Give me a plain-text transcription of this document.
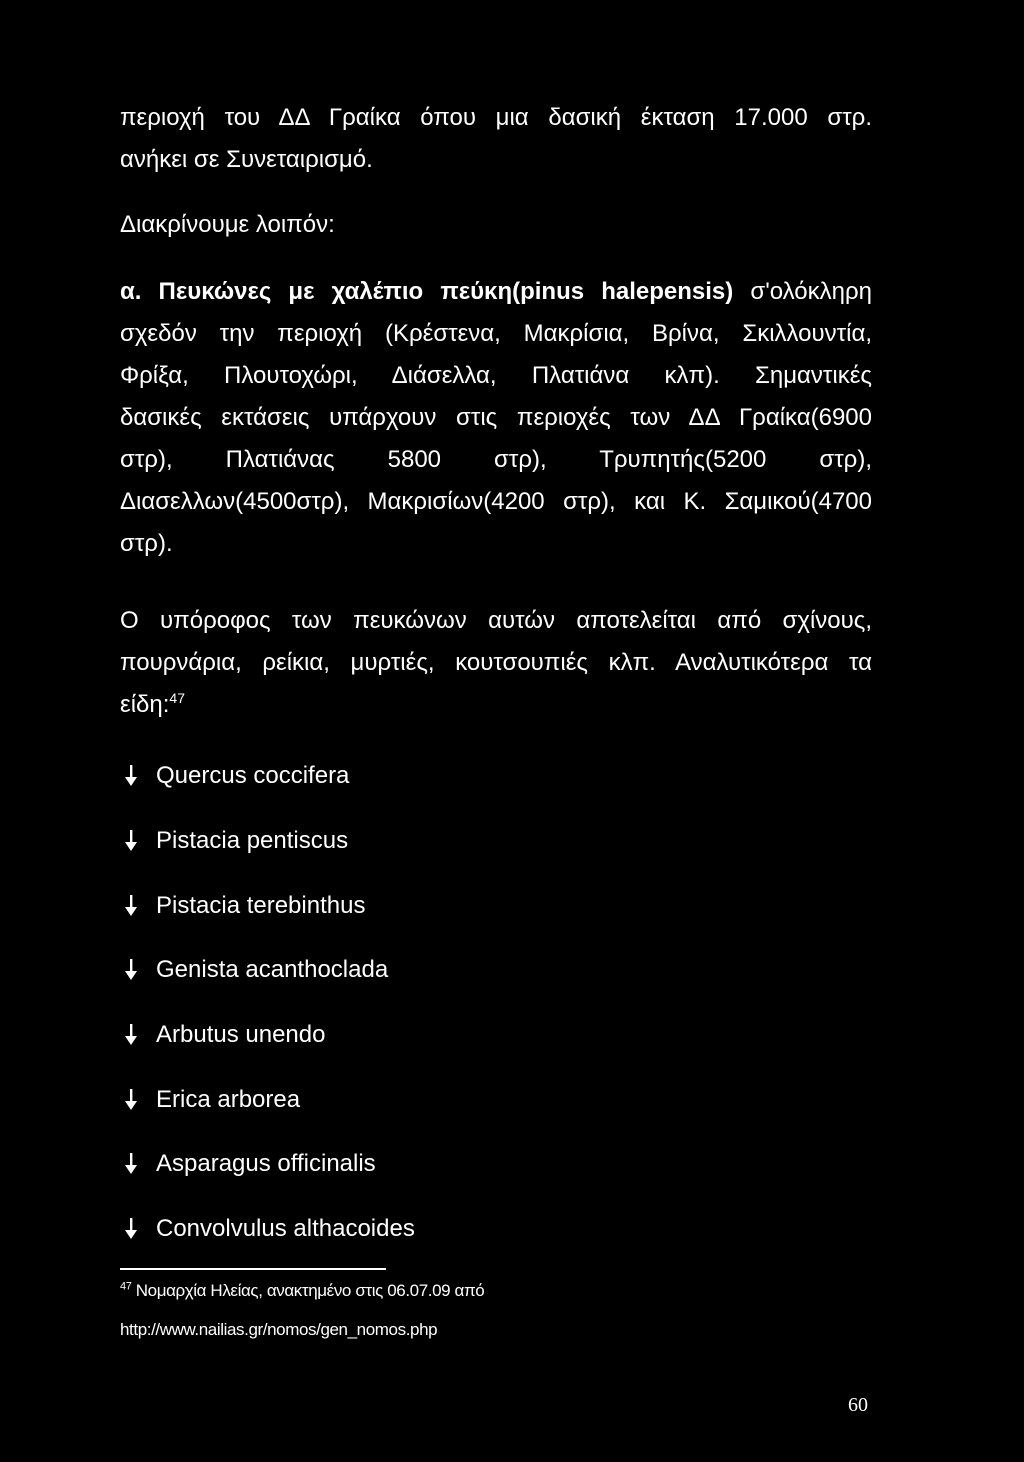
περιοχή του ΔΔ Γραίκα όπου μια δασική έκταση 17.000 στρ.

ανήκει σε Συνεταιρισμό.

Διακρίνουμε λοιπόν:

α. Πευκώνες με χαλέπιο πεύκη(pinus halepensis) σ'ολόκληρη

σχεδόν την περιοχή (Κρέστενα, Μακρίσια, Βρίνα, Σκιλλουντία,

Φρίξα, Πλουτοχώρι, Διάσελλα, Πλατιάνα κλπ). Σημαντικές

δασικές εκτάσεις υπάρχουν στις περιοχές των ΔΔ Γραίκα(6900

στρ), Πλατιάνας 5800 στρ), Τρυπητής(5200 στρ),

Διασελλων(4500στρ), Μακρισίων(4200 στρ), και Κ. Σαμικού(4700

στρ).

Ο υπόροφος των πευκώνων αυτών αποτελείται από σχίνους,

πουρνάρια, ρείκια, μυρτιές, κουτσουπιές κλπ. Αναλυτικότερα τα

είδη:$^{47}$

Quercus coccifera
Pistacia pentiscus
Pistacia terebinthus
Genista acanthoclada
Arbutus unendo
Erica arborea
Asparagus officinalis
Convolvulus althacoides
$^{47}$ Νομαρχία Ηλείας, ανακτημένο στις 06.07.09 από
http://www.nailias.gr/nomos/gen_nomos.php
60
